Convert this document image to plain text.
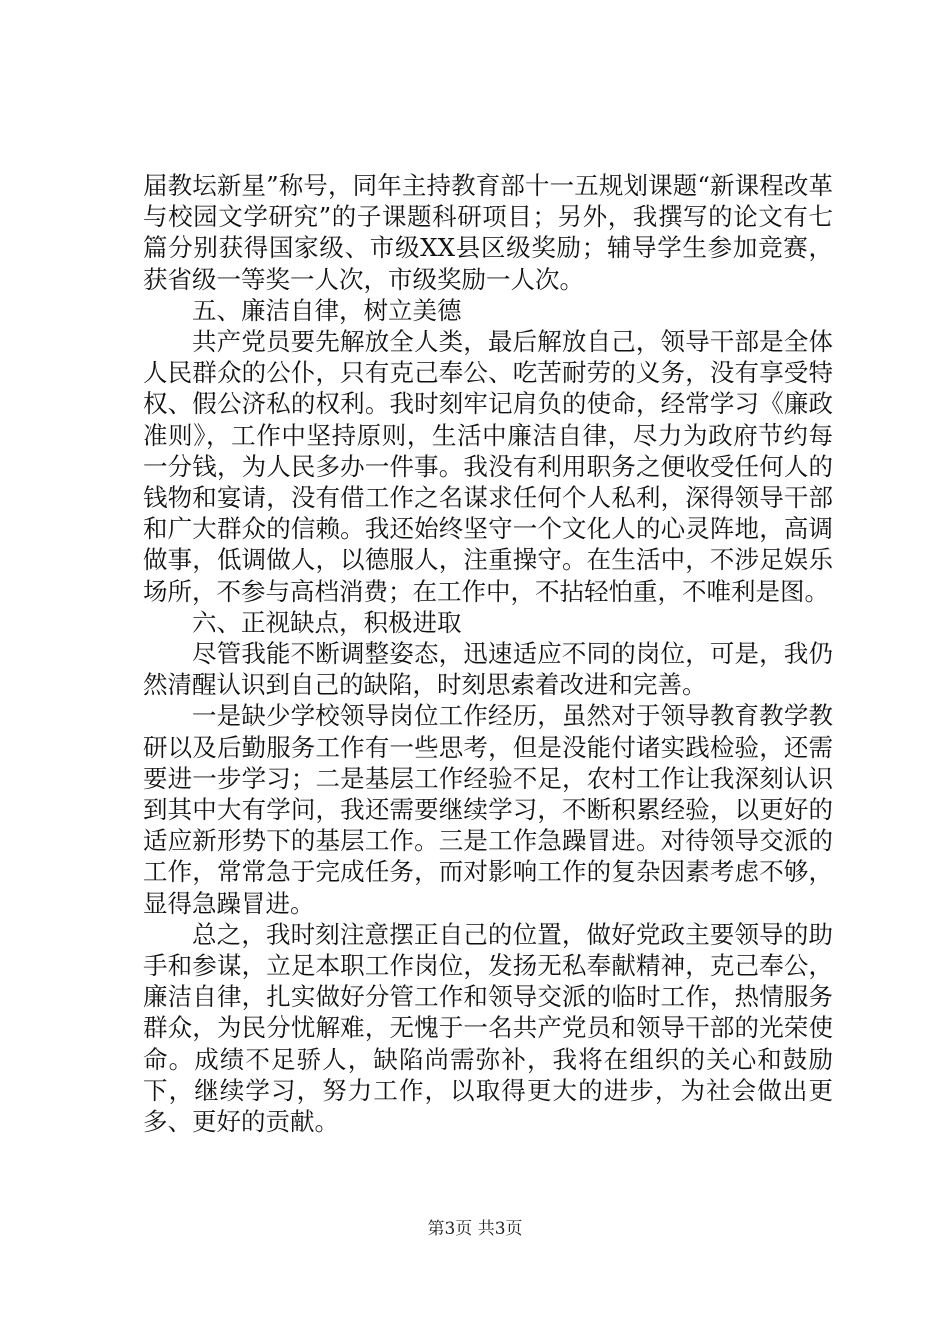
届教坛新星”称号，同年主持教育部十一五规划课题“新课程改革与校园文学研究”的子课题科研项目；另外，我撰写的论文有七篇分别获得国家级、市级XX县区级奖励；辅导学生参加竞赛，获省级一等奖一人次，市级奖励一人次。

五、廉洁自律，树立美德

共产党员要先解放全人类，最后解放自己，领导干部是全体人民群众的公仆，只有克己奉公、吃苦耐劳的义务，没有享受特权、假公济私的权利。我时刻牢记肩负的使命，经常学习《廉政准则》，工作中坚持原则，生活中廉洁自律，尽力为政府节约每一分钱，为人民多办一件事。我没有利用职务之便收受任何人的钱物和宴请，没有借工作之名谋求任何个人私利，深得领导干部和广大群众的信赖。我还始终坚守一个文化人的心灵阵地，高调做事，低调做人，以德服人，注重操守。在生活中，不涉足娱乐场所，不参与高档消费；在工作中，不拈轻怕重，不唯利是图。

六、正视缺点，积极进取

尽管我能不断调整姿态，迅速适应不同的岗位，可是，我仍然清醒认识到自己的缺陷，时刻思索着改进和完善。

一是缺少学校领导岗位工作经历，虽然对于领导教育教学教研以及后勤服务工作有一些思考，但是没能付诸实践检验，还需要进一步学习；二是基层工作经验不足，农村工作让我深刻认识到其中大有学问，我还需要继续学习，不断积累经验，以更好的适应新形势下的基层工作。三是工作急躁冒进。对待领导交派的工作，常常急于完成任务，而对影响工作的复杂因素考虑不够，显得急躁冒进。

总之，我时刻注意摆正自己的位置，做好党政主要领导的助手和参谋，立足本职工作岗位，发扬无私奉献精神，克己奉公，廉洁自律，扎实做好分管工作和领导交派的临时工作，热情服务群众，为民分忧解难，无愧于一名共产党员和领导干部的光荣使命。成绩不足骄人，缺陷尚需弥补，我将在组织的关心和鼓励下，继续学习，努力工作，以取得更大的进步，为社会做出更多、更好的贡献。

第3页 共3页
